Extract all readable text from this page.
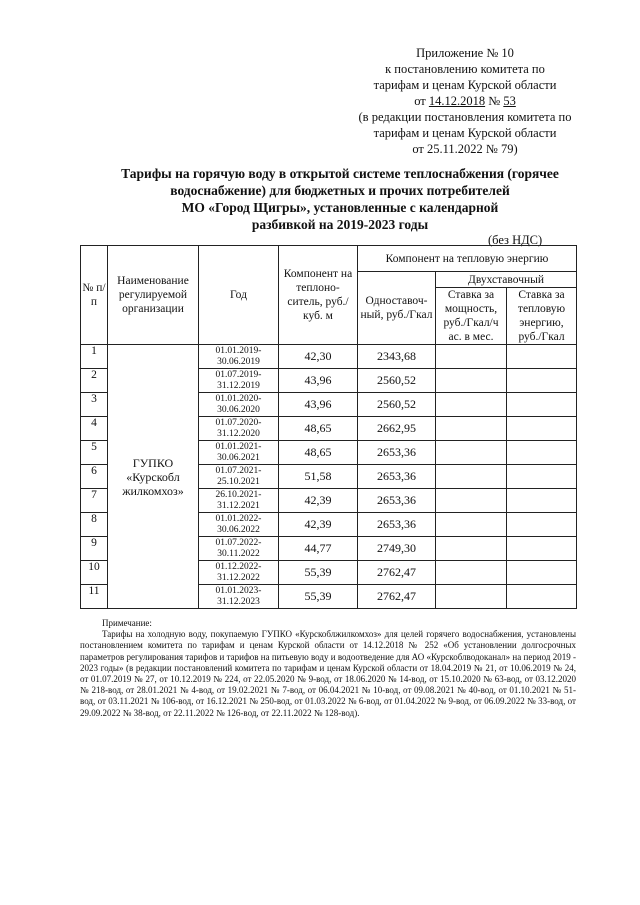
Приложение № 10
к постановлению комитета по
тарифам и ценам Курской области
от 14.12.2018 № 53
(в редакции постановления комитета по
тарифам и ценам Курской области
от 25.11.2022 № 79)
Тарифы на горячую воду в открытой системе теплоснабжения (горячее
водоснабжение) для бюджетных и прочих потребителей
МО «Город Щигры», установленные с календарной
разбивкой на 2019-2023 годы
(без НДС)
№ п/п	Наименование регулируемой организации	Год	Компонент на теплоно-ситель, руб./куб. м	Компонент на тепловую энергию		
				Одноставоч-ный, руб./Гкал	Двухставочный	
					Ставка за мощность, руб./Гкал/ч ас. в мес.	Ставка за тепловую энергию, руб./Гкал
1	ГУПКО «Курскобл жилкомхоз»	01.01.2019-30.06.2019	42,30	2343,68		
2		01.07.2019-31.12.2019	43,96	2560,52		
3		01.01.2020-30.06.2020	43,96	2560,52		
4		01.07.2020-31.12.2020	48,65	2662,95		
5		01.01.2021-30.06.2021	48,65	2653,36		
6		01.07.2021-25.10.2021	51,58	2653,36		
7		26.10.2021-31.12.2021	42,39	2653,36		
8		01.01.2022-30.06.2022	42,39	2653,36		
9		01.07.2022-30.11.2022	44,77	2749,30		
10		01.12.2022-31.12.2022	55,39	2762,47		
11		01.01.2023-31.12.2023	55,39	2762,47		
Примечание:

Тарифы на холодную воду, покупаемую ГУПКО «Курскоблжилкомхоз» для целей горячего водоснабжения, установлены постановлением комитета по тарифам и ценам Курской области от 14.12.2018 № 252 «Об установлении долгосрочных параметров регулирования тарифов и тарифов на питьевую воду и водоотведение для АО «Курскоблводоканал» на период 2019 - 2023 годы» (в редакции постановлений комитета по тарифам и ценам Курской области от 18.04.2019 № 21, от 10.06.2019 № 24, от 01.07.2019 № 27, от 10.12.2019 № 224, от 22.05.2020 № 9-вод, от 18.06.2020 № 14-вод, от 15.10.2020 № 63-вод, от 03.12.2020 № 218-вод, от 28.01.2021 № 4-вод, от 19.02.2021 № 7-вод, от 06.04.2021 № 10-вод, от 09.08.2021 № 40-вод, от 01.10.2021 № 51-вод, от 03.11.2021 № 106-вод, от 16.12.2021 № 250-вод, от 01.03.2022 № 6-вод, от 01.04.2022 № 9-вод, от 06.09.2022 № 33-вод, от 29.09.2022 № 38-вод, от 22.11.2022 № 126-вод, от 22.11.2022 № 128-вод).
